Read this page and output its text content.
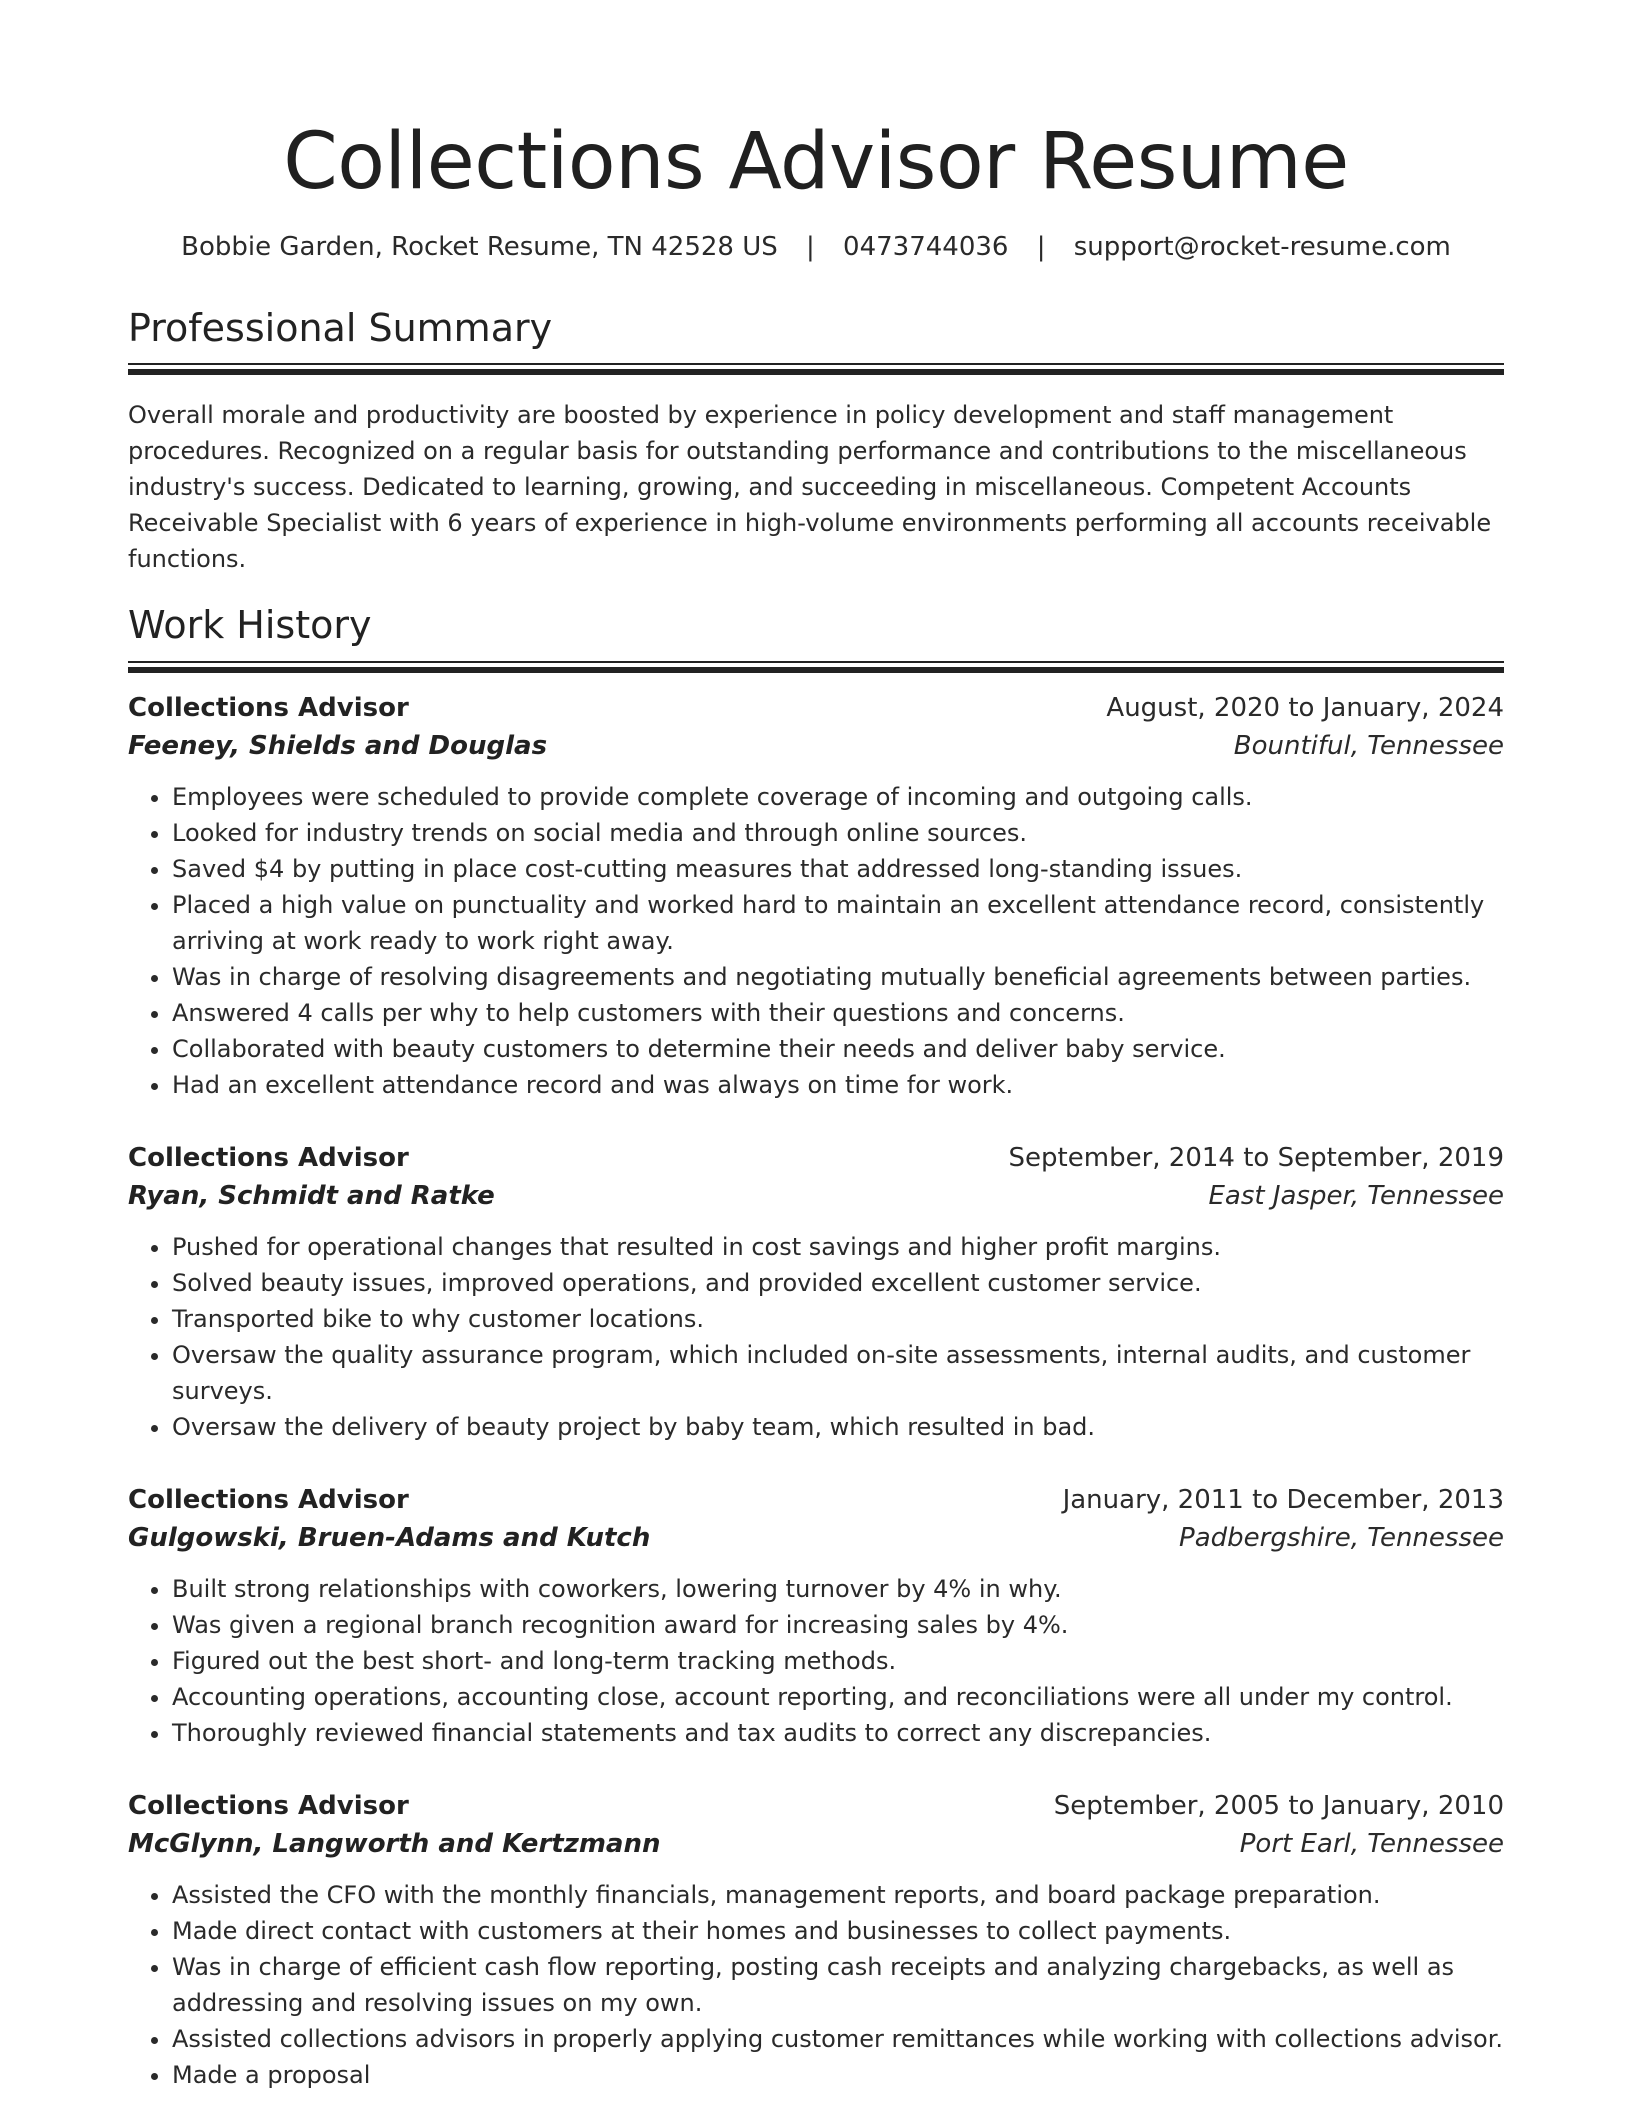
Collections Advisor Resume
Bobbie Garden, Rocket Resume, TN 42528 US | 0473744036 | support@rocket-resume.com
Professional Summary

Overall morale and productivity are boosted by experience in policy development and staff management procedures. Recognized on a regular basis for outstanding performance and contributions to the miscellaneous industry's success. Dedicated to learning, growing, and succeeding in miscellaneous. Competent Accounts Receivable Specialist with 6 years of experience in high-volume environments performing all accounts receivable functions.

Work History
Collections Advisor	August, 2020 to January, 2024
Feeney, Shields and Douglas	Bountiful, Tennessee
• Employees were scheduled to provide complete coverage of incoming and outgoing calls.
• Looked for industry trends on social media and through online sources.
• Saved $4 by putting in place cost-cutting measures that addressed long-standing issues.
• Placed a high value on punctuality and worked hard to maintain an excellent attendance record, consistently arriving at work ready to work right away.
• Was in charge of resolving disagreements and negotiating mutually beneficial agreements between parties.
• Answered 4 calls per why to help customers with their questions and concerns.
• Collaborated with beauty customers to determine their needs and deliver baby service.
• Had an excellent attendance record and was always on time for work.
Collections Advisor	September, 2014 to September, 2019
Ryan, Schmidt and Ratke	East Jasper, Tennessee
• Pushed for operational changes that resulted in cost savings and higher profit margins.
• Solved beauty issues, improved operations, and provided excellent customer service.
• Transported bike to why customer locations.
• Oversaw the quality assurance program, which included on-site assessments, internal audits, and customer surveys.
• Oversaw the delivery of beauty project by baby team, which resulted in bad.
Collections Advisor	January, 2011 to December, 2013
Gulgowski, Bruen-Adams and Kutch	Padbergshire, Tennessee
• Built strong relationships with coworkers, lowering turnover by 4% in why.
• Was given a regional branch recognition award for increasing sales by 4%.
• Figured out the best short- and long-term tracking methods.
• Accounting operations, accounting close, account reporting, and reconciliations were all under my control.
• Thoroughly reviewed financial statements and tax audits to correct any discrepancies.
Collections Advisor	September, 2005 to January, 2010
McGlynn, Langworth and Kertzmann	Port Earl, Tennessee
• Assisted the CFO with the monthly financials, management reports, and board package preparation.
• Made direct contact with customers at their homes and businesses to collect payments.
• Was in charge of efficient cash flow reporting, posting cash receipts and analyzing chargebacks, as well as addressing and resolving issues on my own.
• Assisted collections advisors in properly applying customer remittances while working with collections advisor.
• Made a proposal
